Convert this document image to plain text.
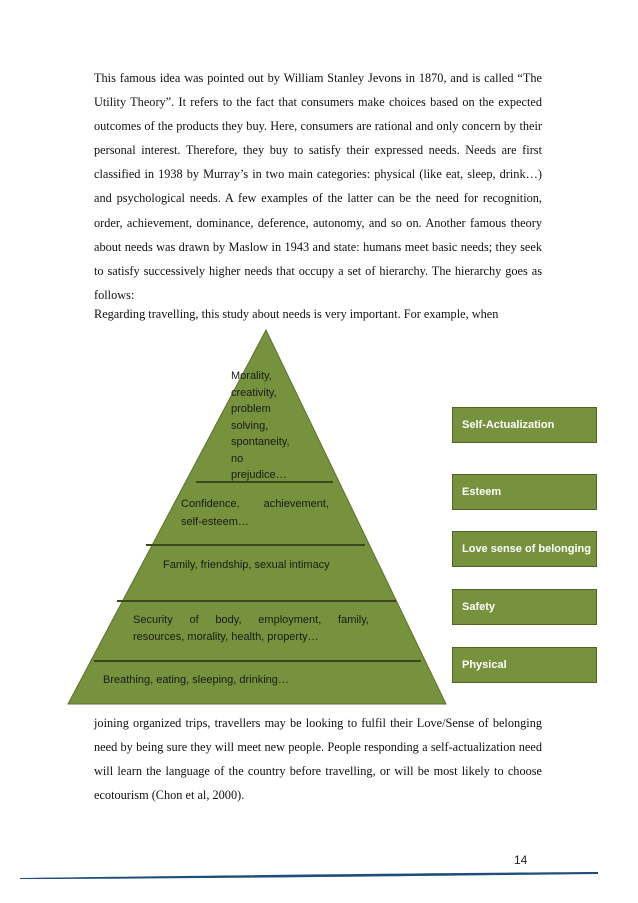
This famous idea was pointed out by William Stanley Jevons in 1870, and is called “The Utility Theory”. It refers to the fact that consumers make choices based on the expected outcomes of the products they buy. Here, consumers are rational and only concern by their personal interest. Therefore, they buy to satisfy their expressed needs. Needs are first classified in 1938 by Murray’s in two main categories: physical (like eat, sleep, drink…) and psychological needs. A few examples of the latter can be the need for recognition, order, achievement, dominance, deference, autonomy, and so on. Another famous theory about needs was drawn by Maslow in 1943 and state: humans meet basic needs; they seek to satisfy successively higher needs that occupy a set of hierarchy. The hierarchy goes as follows:

Regarding travelling, this study about needs is very important. For example, when

Morality,
creativity,
problem
solving,
spontaneity,
no
prejudice…
Confidence, achievement,
self-esteem…
Family, friendship, sexual intimacy
Security of body, employment, family,
resources, morality, health, property…
Breathing, eating, sleeping, drinking…
Self-Actualization
Esteem
Love sense of belonging
Safety
Physical

joining organized trips, travellers may be looking to fulfil their Love/Sense of belonging need by being sure they will meet new people. People responding a self-actualization need will learn the language of the country before travelling, or will be most likely to choose ecotourism (Chon et al, 2000).

14
